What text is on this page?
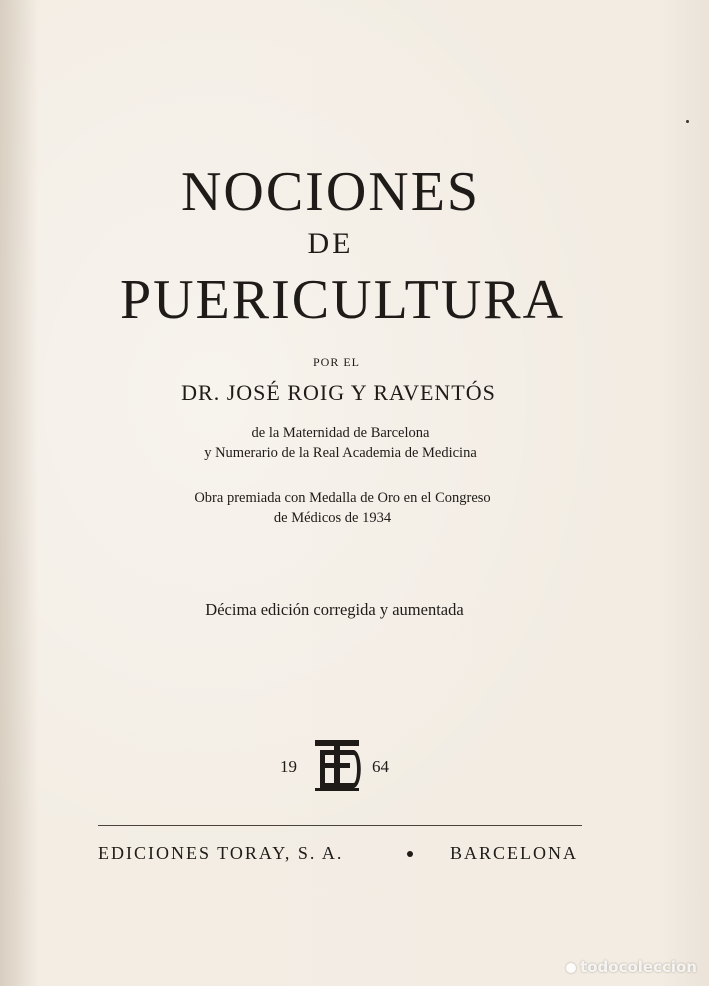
NOCIONES
DE
PUERICULTURA
POR EL
DR. JOSÉ ROIG Y RAVENTÓS
de la Maternidad de Barcelona
y Numerario de la Real Academia de Medicina
Obra premiada con Medalla de Oro en el Congreso
de Médicos de 1934
Décima edición corregida y aumentada
19	64
EDICIONES TORAY, S. A.	BARCELONA
todocoleccion
